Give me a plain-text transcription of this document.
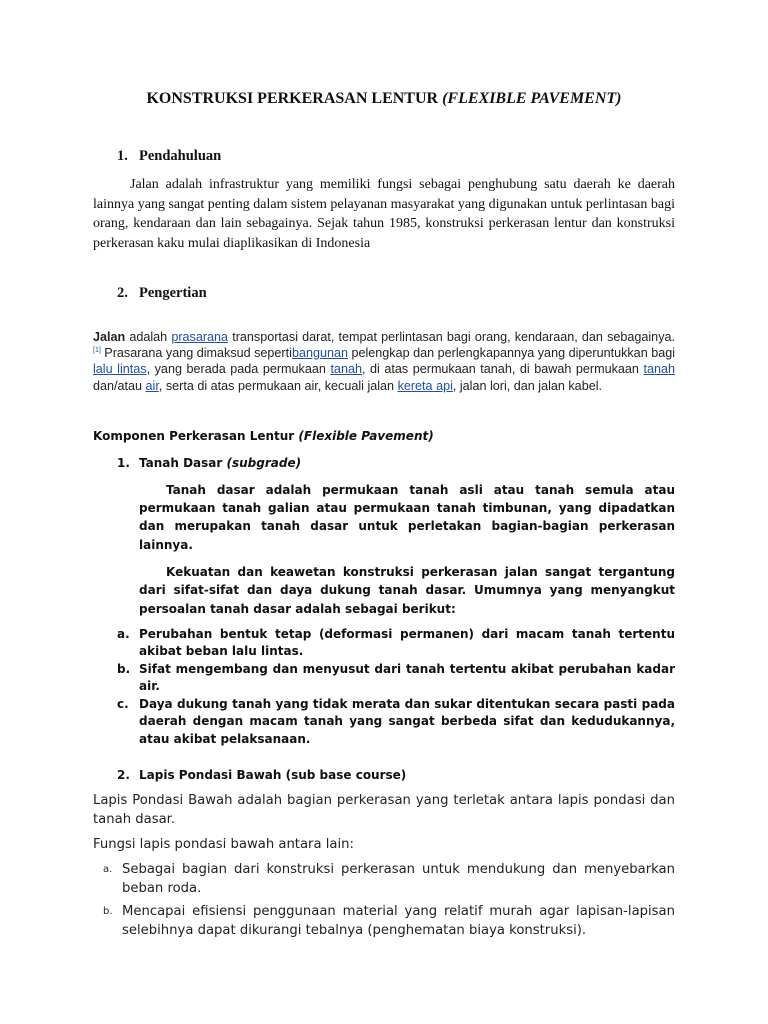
KONSTRUKSI PERKERASAN LENTUR (FLEXIBLE PAVEMENT)
1. Pendahuluan
Jalan adalah infrastruktur yang memiliki fungsi sebagai penghubung satu daerah ke daerah lainnya yang sangat penting dalam sistem pelayanan masyarakat yang digunakan untuk perlintasan bagi orang, kendaraan dan lain sebagainya. Sejak tahun 1985, konstruksi perkerasan lentur dan konstruksi perkerasan kaku mulai diaplikasikan di Indonesia
2. Pengertian
Jalan adalah prasarana transportasi darat, tempat perlintasan bagi orang, kendaraan, dan sebagainya.[1] Prasarana yang dimaksud sepertibangunan pelengkap dan perlengkapannya yang diperuntukkan bagi lalu lintas, yang berada pada permukaan tanah, di atas permukaan tanah, di bawah permukaan tanah dan/atau air, serta di atas permukaan air, kecuali jalan kereta api, jalan lori, dan jalan kabel.
Komponen Perkerasan Lentur (Flexible Pavement)
1. Tanah Dasar (subgrade)
Tanah dasar adalah permukaan tanah asli atau tanah semula atau permukaan tanah galian atau permukaan tanah timbunan, yang dipadatkan dan merupakan tanah dasar untuk perletakan bagian-bagian perkerasan lainnya.
Kekuatan dan keawetan konstruksi perkerasan jalan sangat tergantung dari sifat-sifat dan daya dukung tanah dasar. Umumnya yang menyangkut persoalan tanah dasar adalah sebagai berikut:
a. Perubahan bentuk tetap (deformasi permanen) dari macam tanah tertentu akibat beban lalu lintas.
b. Sifat mengembang dan menyusut dari tanah tertentu akibat perubahan kadar air.
c. Daya dukung tanah yang tidak merata dan sukar ditentukan secara pasti pada daerah dengan macam tanah yang sangat berbeda sifat dan kedudukannya, atau akibat pelaksanaan.
2. Lapis Pondasi Bawah (sub base course)
Lapis Pondasi Bawah adalah bagian perkerasan yang terletak antara lapis pondasi dan tanah dasar.
Fungsi lapis pondasi bawah antara lain:
a. Sebagai bagian dari konstruksi perkerasan untuk mendukung dan menyebarkan beban roda.
b. Mencapai efisiensi penggunaan material yang relatif murah agar lapisan-lapisan selebihnya dapat dikurangi tebalnya (penghematan biaya konstruksi).
